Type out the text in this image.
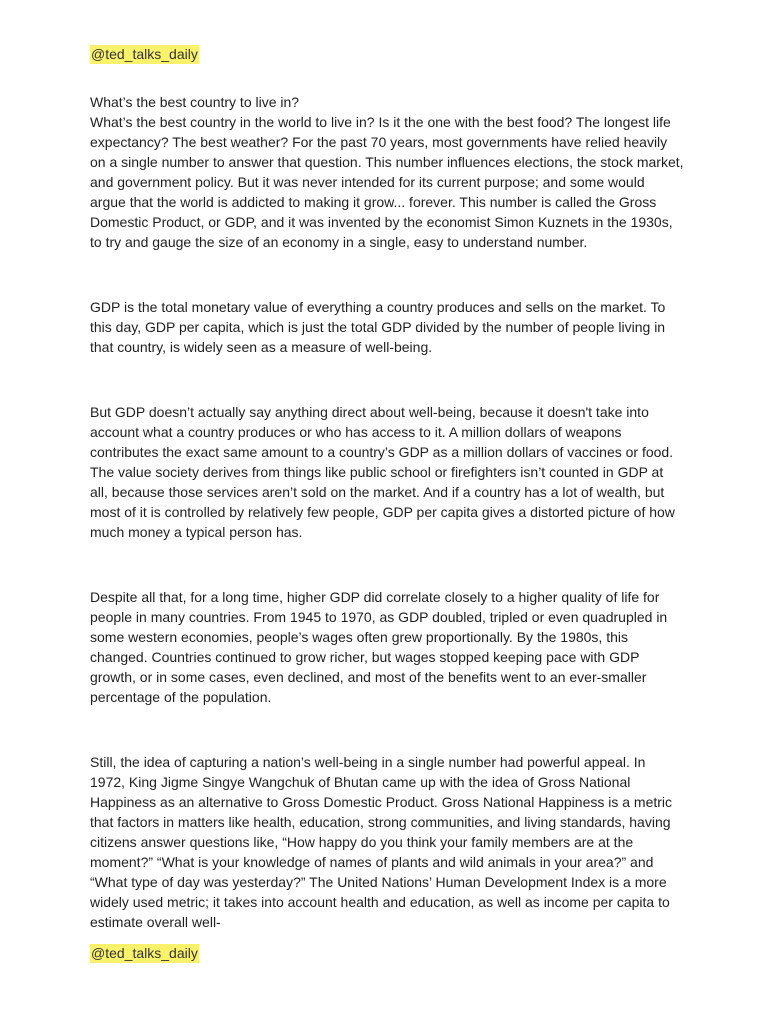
@ted_talks_daily

What’s the best country to live in?
What’s the best country in the world to live in? Is it the one with the best food? The longest life expectancy? The best weather? For the past 70 years, most governments have relied heavily on a single number to answer that question. This number influences elections, the stock market, and government policy. But it was never intended for its current purpose; and some would argue that the world is addicted to making it grow... forever. This number is called the Gross Domestic Product, or GDP, and it was invented by the economist Simon Kuznets in the 1930s, to try and gauge the size of an economy in a single, easy to understand number.

GDP is the total monetary value of everything a country produces and sells on the market. To this day, GDP per capita, which is just the total GDP divided by the number of people living in that country, is widely seen as a measure of well-being.

But GDP doesn’t actually say anything direct about well-being, because it doesn't take into account what a country produces or who has access to it. A million dollars of weapons contributes the exact same amount to a country’s GDP as a million dollars of vaccines or food. The value society derives from things like public school or firefighters isn’t counted in GDP at all, because those services aren’t sold on the market. And if a country has a lot of wealth, but most of it is controlled by relatively few people, GDP per capita gives a distorted picture of how much money a typical person has.

Despite all that, for a long time, higher GDP did correlate closely to a higher quality of life for people in many countries. From 1945 to 1970, as GDP doubled, tripled or even quadrupled in some western economies, people’s wages often grew proportionally. By the 1980s, this changed. Countries continued to grow richer, but wages stopped keeping pace with GDP growth, or in some cases, even declined, and most of the benefits went to an ever-smaller percentage of the population.

Still, the idea of capturing a nation’s well-being in a single number had powerful appeal. In 1972, King Jigme Singye Wangchuk of Bhutan came up with the idea of Gross National Happiness as an alternative to Gross Domestic Product. Gross National Happiness is a metric that factors in matters like health, education, strong communities, and living standards, having citizens answer questions like, “How happy do you think your family members are at the moment?” “What is your knowledge of names of plants and wild animals in your area?” and “What type of day was yesterday?” The United Nations’ Human Development Index is a more widely used metric; it takes into account health and education, as well as income per capita to estimate overall well-

@ted_talks_daily
